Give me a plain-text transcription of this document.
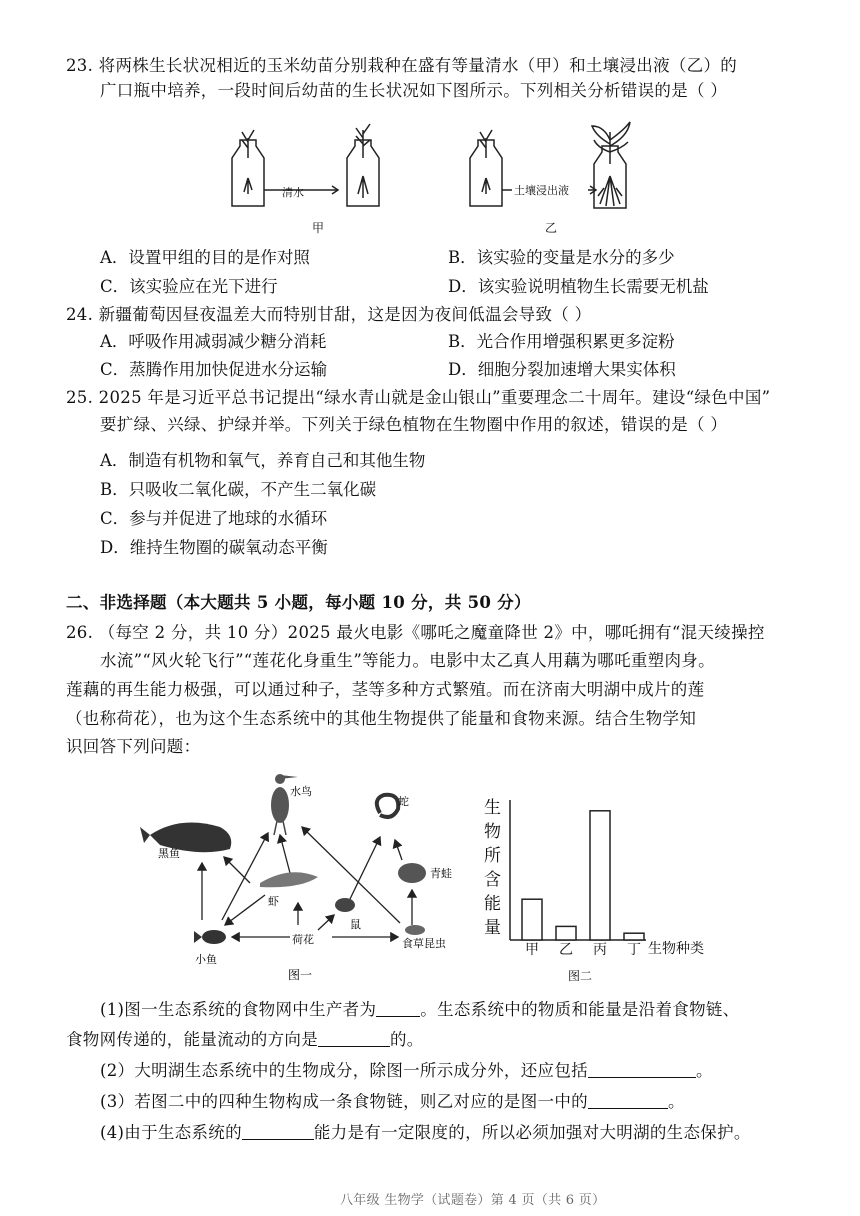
23. 将两株生长状况相近的玉米幼苗分别栽种在盛有等量清水（甲）和土壤浸出液（乙）的
广口瓶中培养，一段时间后幼苗的生长状况如下图所示。下列相关分析错误的是（ ）
清水	土壤浸出液
甲	乙
A．设置甲组的目的是作对照	B．该实验的变量是水分的多少
C．该实验应在光下进行	D．该实验说明植物生长需要无机盐
24. 新疆葡萄因昼夜温差大而特别甘甜，这是因为夜间低温会导致（ ）
A．呼吸作用减弱减少糖分消耗	B．光合作用增强积累更多淀粉
C．蒸腾作用加快促进水分运输	D．细胞分裂加速增大果实体积
25. 2025 年是习近平总书记提出“绿水青山就是金山银山”重要理念二十周年。建设“绿色中国”
要扩绿、兴绿、护绿并举。下列关于绿色植物在生物圈中作用的叙述，错误的是（ ）
A．制造有机物和氧气，养育自己和其他生物
B．只吸收二氧化碳，不产生二氧化碳
C．参与并促进了地球的水循环
D．维持生物圈的碳氧动态平衡
二、非选择题（本大题共 5 小题，每小题 10 分，共 50 分）
26. （每空 2 分，共 10 分）2025 最火电影《哪吒之魔童降世 2》中，哪吒拥有“混天绫操控
水流”“风火轮飞行”“莲花化身重生”等能力。电影中太乙真人用藕为哪吒重塑肉身。
莲藕的再生能力极强，可以通过种子，茎等多种方式繁殖。而在济南大明湖中成片的莲
（也称荷花），也为这个生态系统中的其他生物提供了能量和食物来源。结合生物学知
识回答下列问题：
水鸟
蛇
黑鱼
虾
青蛙
鼠
小鱼
荷花	食草昆虫
图一
生
物
所
含
能
量
甲 乙 丙 丁 生物种类
图二
(1)图一生态系统的食物网中生产者为	。生态系统中的物质和能量是沿着食物链、
食物网传递的，能量流动的方向是	的。
(2）大明湖生态系统中的生物成分，除图一所示成分外，还应包括	。
(3）若图二中的四种生物构成一条食物链，则乙对应的是图一中的	。
(4)由于生态系统的	能力是有一定限度的，所以必须加强对大明湖的生态保护。
八年级 生物学（试题卷）第 4 页（共 6 页）
